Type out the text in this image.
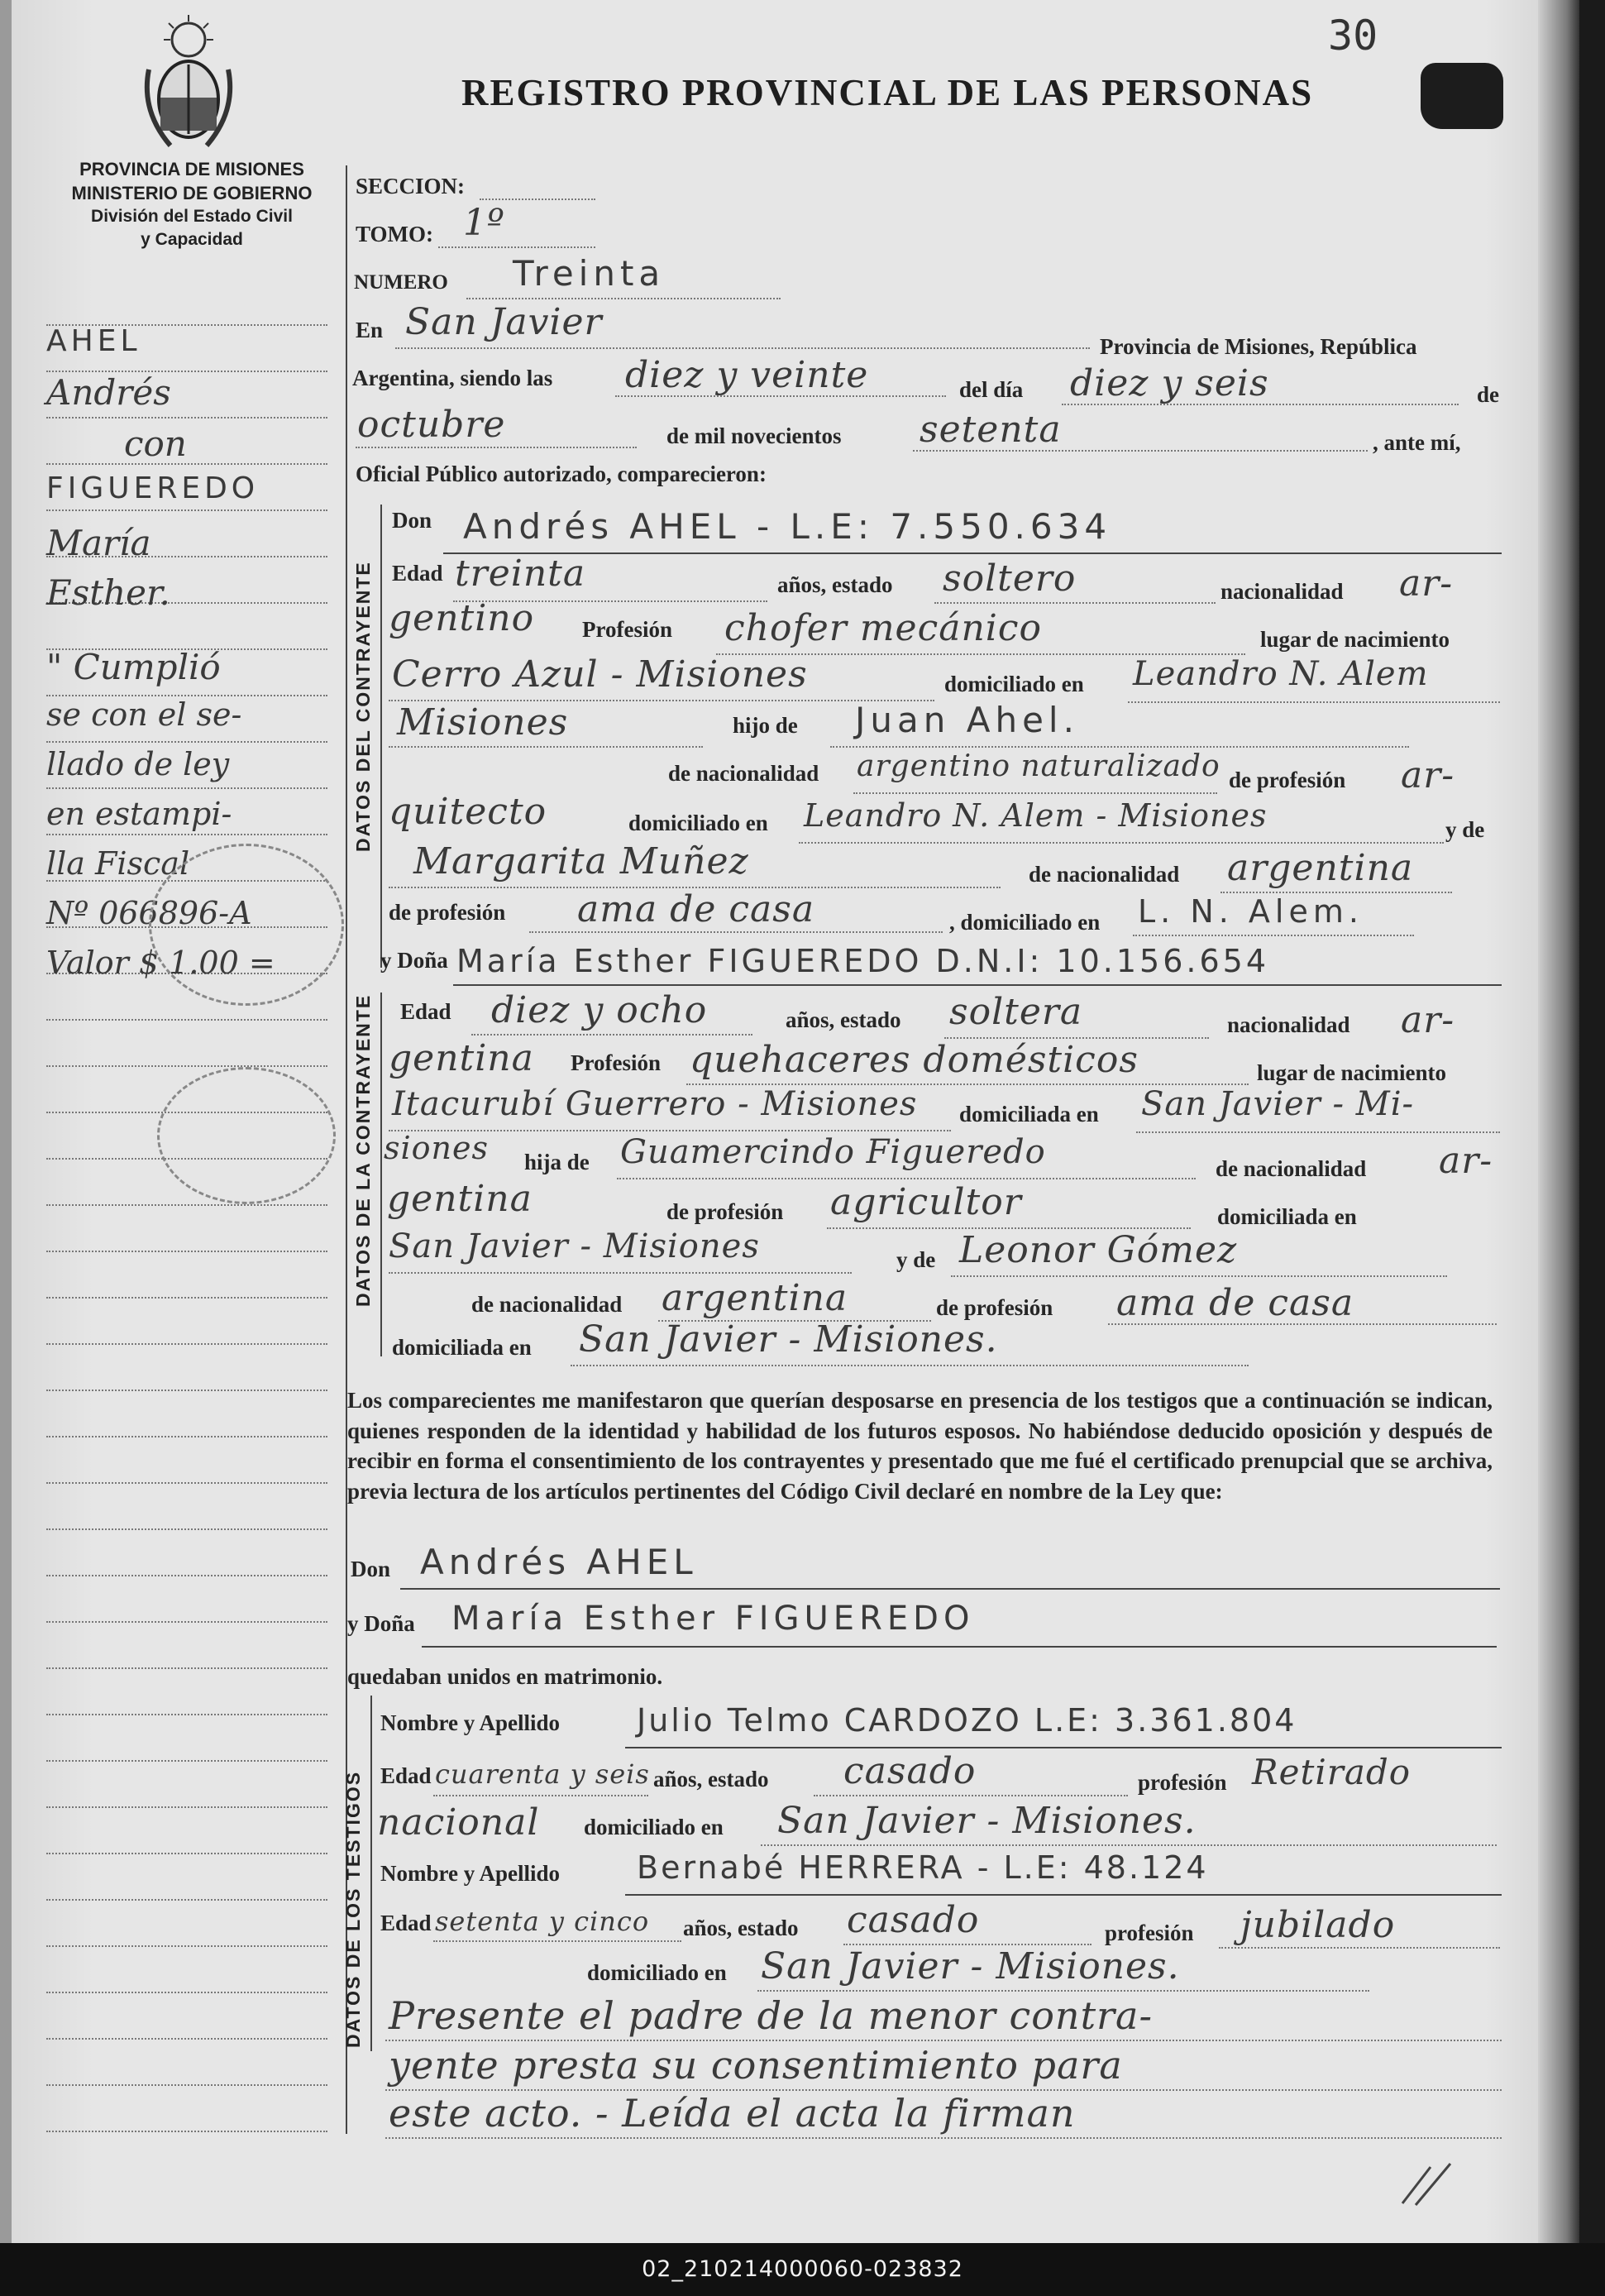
PROVINCIA DE MISIONES
MINISTERIO DE GOBIERNO
División del Estado Civil
y Capacidad
REGISTRO PROVINCIAL DE LAS PERSONAS
30
AHEL
Andrés
con
FIGUEREDO
María
Esther.
" Cumplió
se con el se-
llado de ley
en estampi-
lla Fiscal
Nº 066896-A
Valor $ 1.00 =
SECCION:
TOMO: 1º
NUMERO Treinta
En San Javier
Provincia de Misiones, República
Argentina, siendo las diez y veinte	del día diez y seis	de
octubre	de mil novecientos setenta	, ante mí,
Oficial Público autorizado, comparecieron:
DATOS DEL CONTRAYENTE
Don Andrés AHEL - L.E: 7.550.634
Edad treinta	años, estado soltero	nacionalidad ar-
gentino Profesión chofer mecánico	lugar de nacimiento
Cerro Azul - Misiones	domiciliado en Leandro N. Alem
Misiones	hijo de Juan Ahel.
de nacionalidad argentino naturalizado de profesión ar-
quitecto	domiciliado en Leandro N. Alem - Misiones	y de
Margarita Muñez	de nacionalidad argentina
de profesión ama de casa	, domiciliado en L. N. Alem.
y Doña María Esther FIGUEREDO D.N.I: 10.156.654
DATOS DE LA CONTRAYENTE Edad diez y ocho	años, estado soltera	nacionalidad ar-
gentina Profesión quehaceres domésticos	lugar de nacimiento
Itacurubí Guerrero - Misiones domiciliada en San Javier - Mi-
siones hija de Guamercindo Figueredo	de nacionalidad ar-
gentina	de profesión agricultor	domiciliada en
San Javier - Misiones	y de Leonor Gómez
de nacionalidad argentina	de profesión ama de casa
domiciliada en San Javier - Misiones.
Los comparecientes me manifestaron que querían desposarse en presencia de los testigos que a continuación se indican, quienes responden de la identidad y habilidad de los futuros esposos. No habiéndose deducido oposición y después de recibir en forma el consentimiento de los contrayentes y presentado que me fué el certificado prenupcial que se archiva, previa lectura de los artículos pertinentes del Código Civil declaré en nombre de la Ley que:
Don Andrés AHEL
y Doña María Esther FIGUEREDO
quedaban unidos en matrimonio.
DATOS DE LOS TESTIGOS
Nombre y Apellido Julio Telmo CARDOZO L.E: 3.361.804
Edad cuarenta y seis años, estado casado	profesión Retirado
nacional domiciliado en San Javier - Misiones.
Nombre y Apellido Bernabé HERRERA - L.E: 48.124
Edad setenta y cinco años, estado casado	profesión jubilado
domiciliado en San Javier - Misiones.
Presente el padre de la menor contra-
yente presta su consentimiento para
este acto. - Leída el acta la firman
02_210214000060-023832
